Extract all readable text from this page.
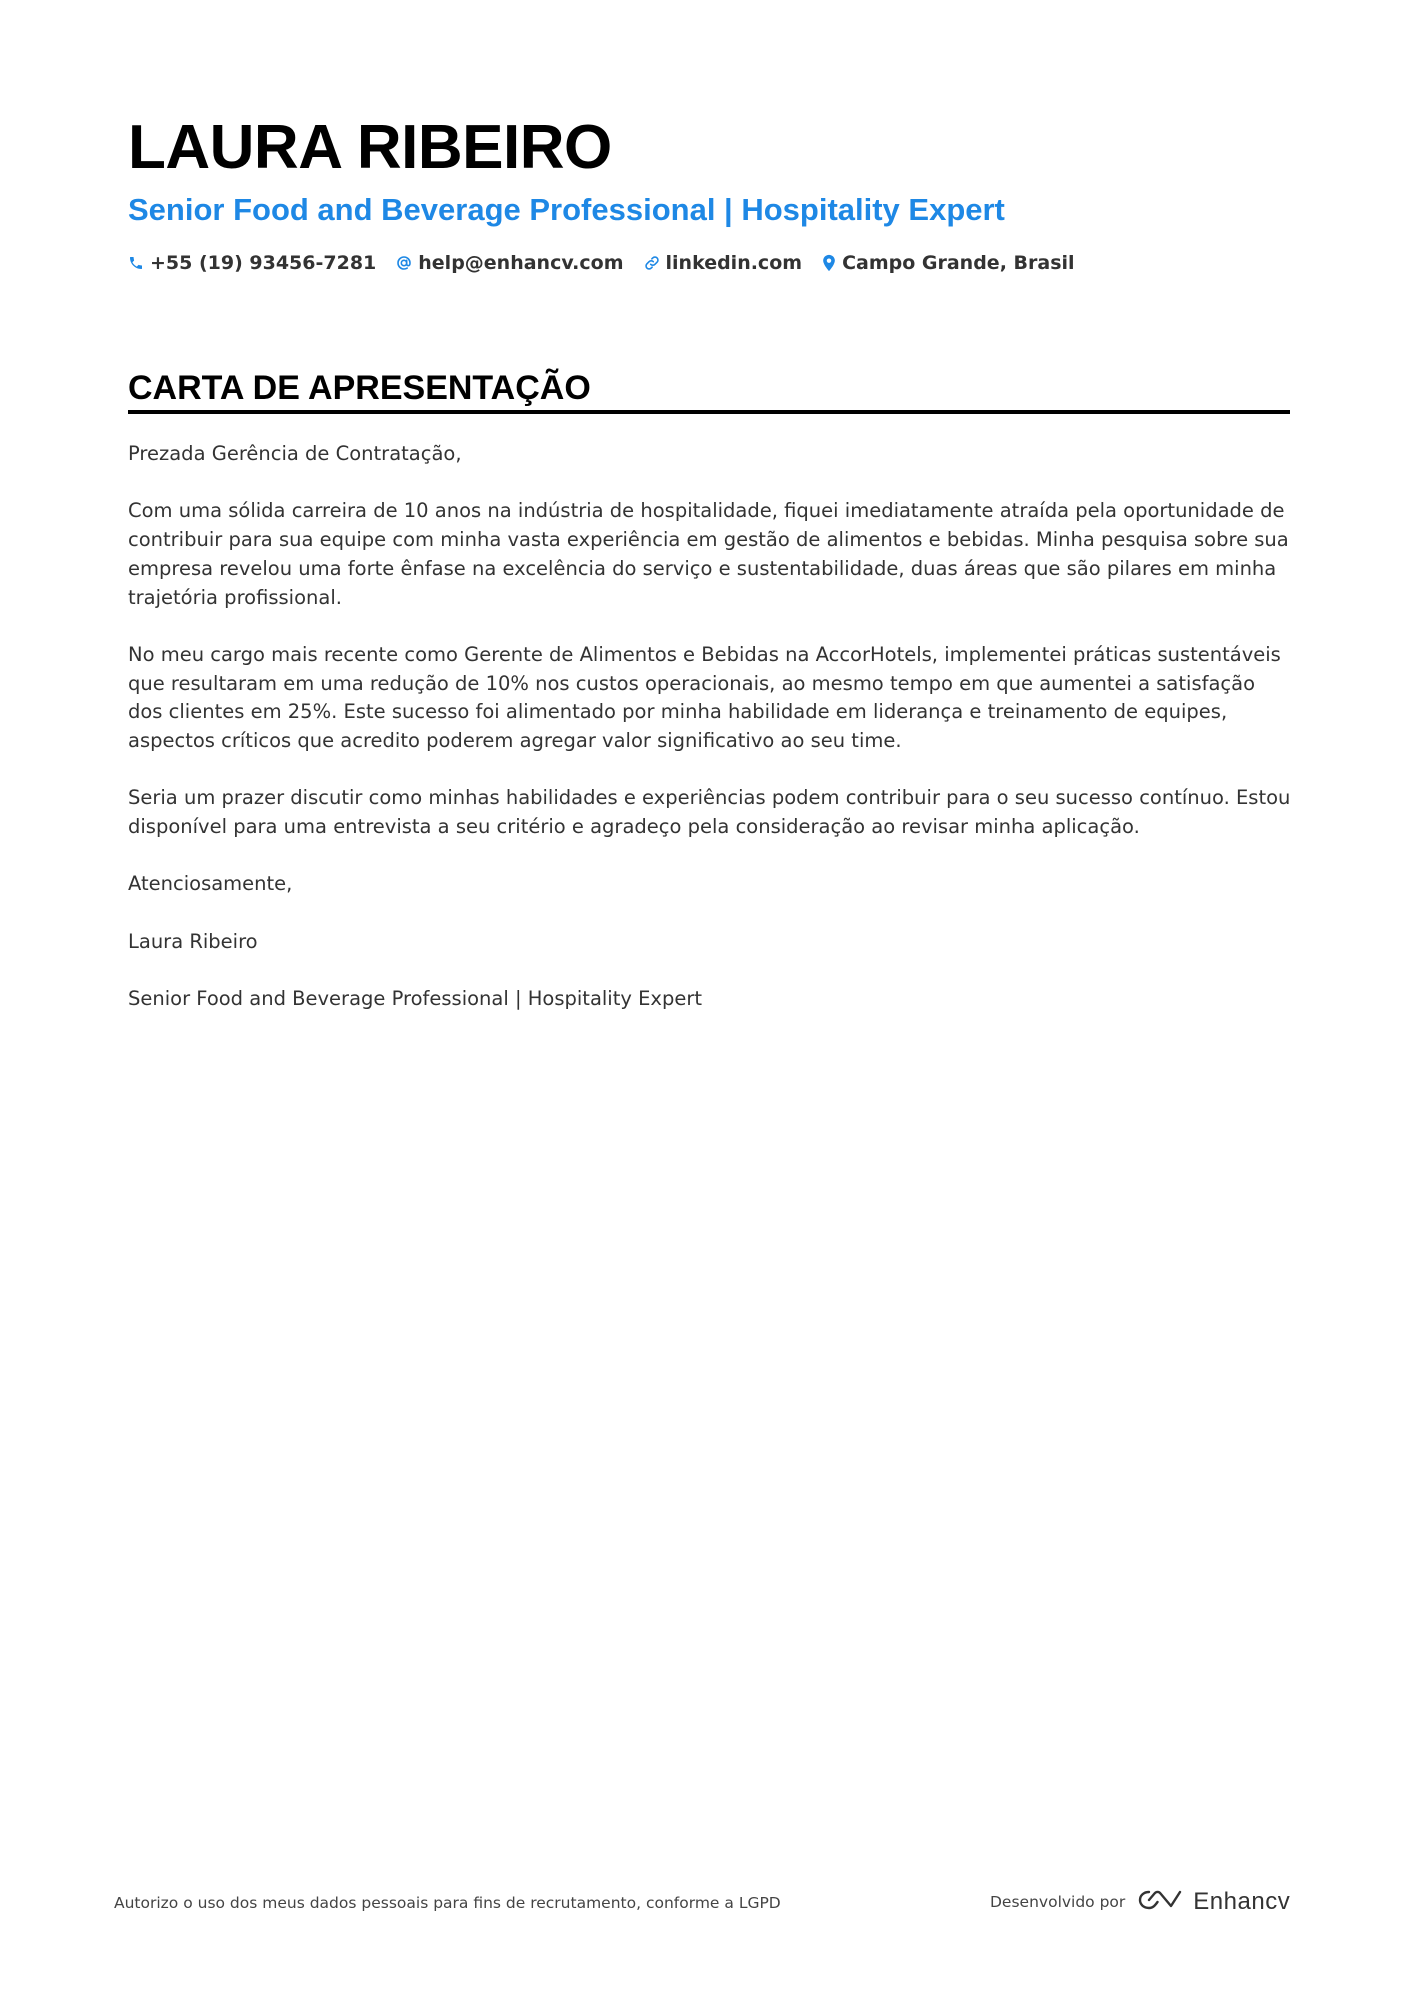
LAURA RIBEIRO
Senior Food and Beverage Professional | Hospitality Expert
+55 (19) 93456-7281 help@enhancv.com linkedin.com Campo Grande, Brasil
CARTA DE APRESENTAÇÃO

Prezada Gerência de Contratação,

Com uma sólida carreira de 10 anos na indústria de hospitalidade, fiquei imediatamente atraída pela oportunidade de contribuir para sua equipe com minha vasta experiência em gestão de alimentos e bebidas. Minha pesquisa sobre sua empresa revelou uma forte ênfase na excelência do serviço e sustentabilidade, duas áreas que são pilares em minha trajetória profissional.

No meu cargo mais recente como Gerente de Alimentos e Bebidas na AccorHotels, implementei práticas sustentáveis que resultaram em uma redução de 10% nos custos operacionais, ao mesmo tempo em que aumentei a satisfação dos clientes em 25%. Este sucesso foi alimentado por minha habilidade em liderança e treinamento de equipes, aspectos críticos que acredito poderem agregar valor significativo ao seu time.

Seria um prazer discutir como minhas habilidades e experiências podem contribuir para o seu sucesso contínuo. Estou disponível para uma entrevista a seu critério e agradeço pela consideração ao revisar minha aplicação.

Atenciosamente,

Laura Ribeiro

Senior Food and Beverage Professional | Hospitality Expert

Autorizo o uso dos meus dados pessoais para fins de recrutamento, conforme a LGPD	Desenvolvido por	Enhancv
